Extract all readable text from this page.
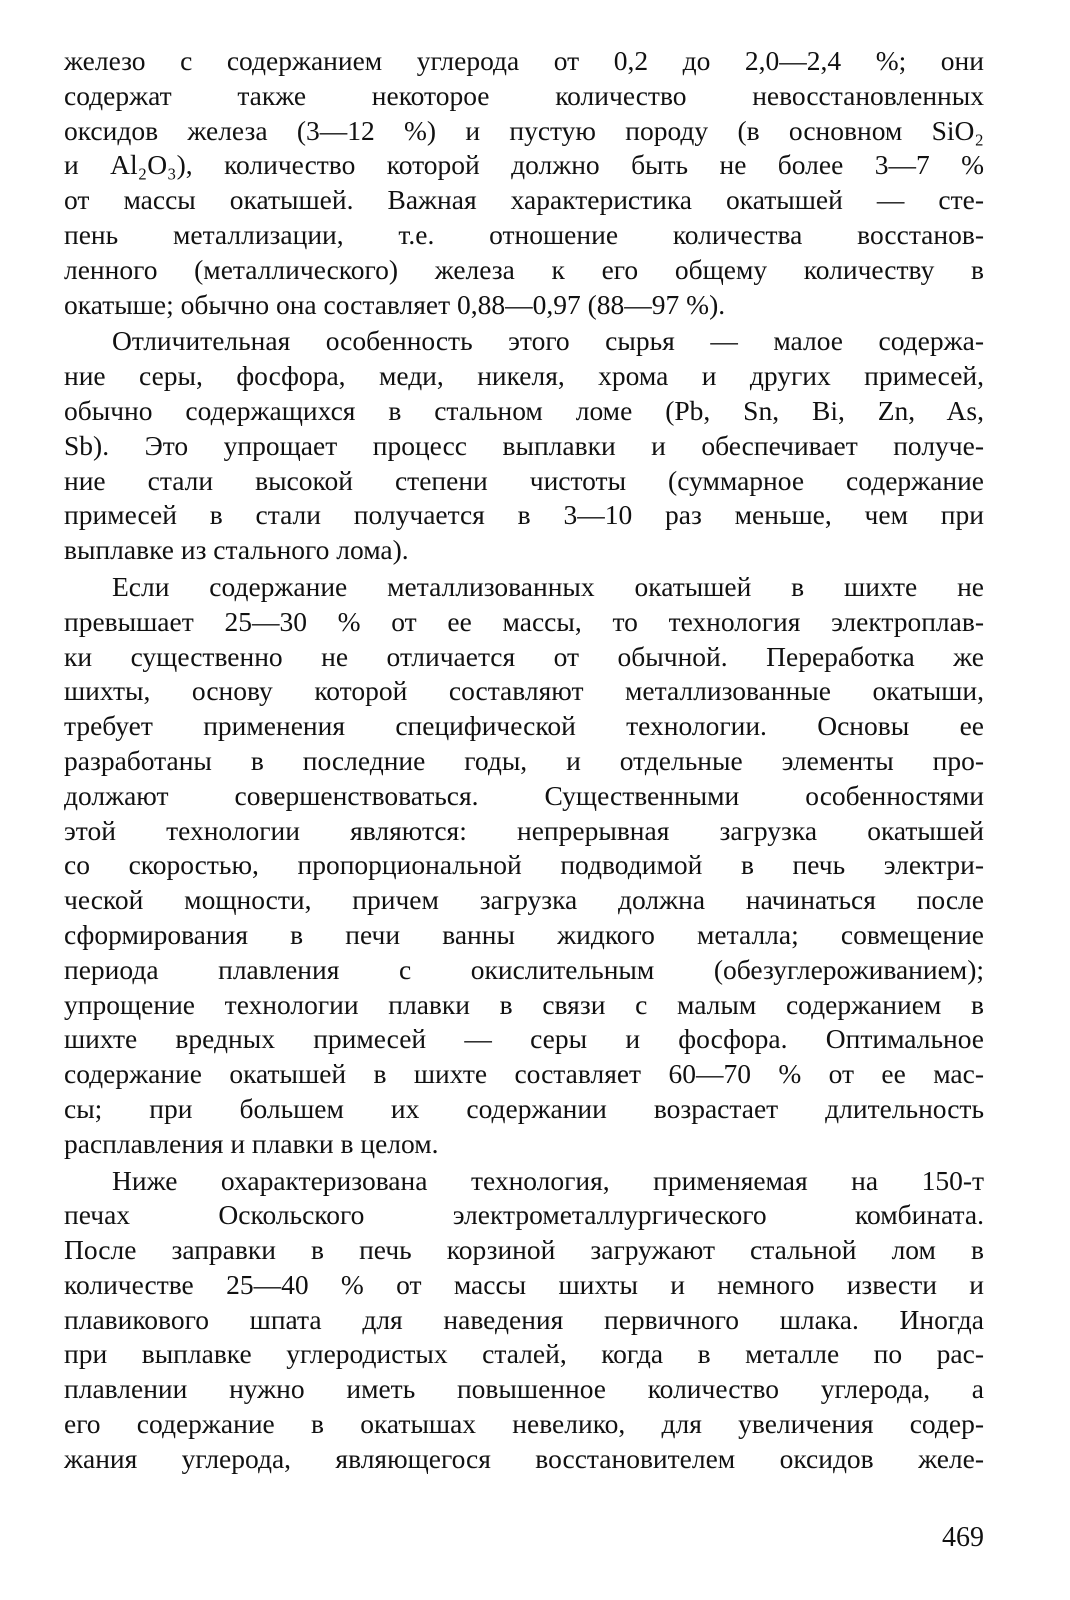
железо с содержанием углерода от 0,2 до 2,0—2,4 %; они
содержат также некоторое количество невосстановленных
оксидов железа (3—12 %) и пустую породу (в основном SiO₂
и Al₂O₃), количество которой должно быть не более 3—7 %
от массы окатышей. Важная характеристика окатышей — сте-
пень металлизации, т.е. отношение количества восстанов-
ленного (металлического) железа к его общему количеству в
окатыше; обычно она составляет 0,88—0,97 (88—97 %).
Отличительная особенность этого сырья — малое содержа-
ние серы, фосфора, меди, никеля, хрома и других примесей,
обычно содержащихся в стальном ломе (Pb, Sn, Bi, Zn, As,
Sb). Это упрощает процесс выплавки и обеспечивает получе-
ние стали высокой степени чистоты (суммарное содержание
примесей в стали получается в 3—10 раз меньше, чем при
выплавке из стального лома).
Если содержание металлизованных окатышей в шихте не
превышает 25—30 % от ее массы, то технология электроплав-
ки существенно не отличается от обычной. Переработка же
шихты, основу которой составляют металлизованные окатыши,
требует применения специфической технологии. Основы ее
разработаны в последние годы, и отдельные элементы про-
должают совершенствоваться. Существенными особенностями
этой технологии являются: непрерывная загрузка окатышей
со скоростью, пропорциональной подводимой в печь электри-
ческой мощности, причем загрузка должна начинаться после
сформирования в печи ванны жидкого металла; совмещение
периода плавления с окислительным (обезуглероживанием);
упрощение технологии плавки в связи с малым содержанием в
шихте вредных примесей — серы и фосфора. Оптимальное
содержание окатышей в шихте составляет 60—70 % от ее мас-
сы; при большем их содержании возрастает длительность
расплавления и плавки в целом.
Ниже охарактеризована технология, применяемая на 150-т
печах Оскольского электрометаллургического комбината.
После заправки в печь корзиной загружают стальной лом в
количестве 25—40 % от массы шихты и немного извести и
плавикового шпата для наведения первичного шлака. Иногда
при выплавке углеродистых сталей, когда в металле по рас-
плавлении нужно иметь повышенное количество углерода, а
его содержание в окатышах невелико, для увеличения содер-
жания углерода, являющегося восстановителем оксидов желе-
469
